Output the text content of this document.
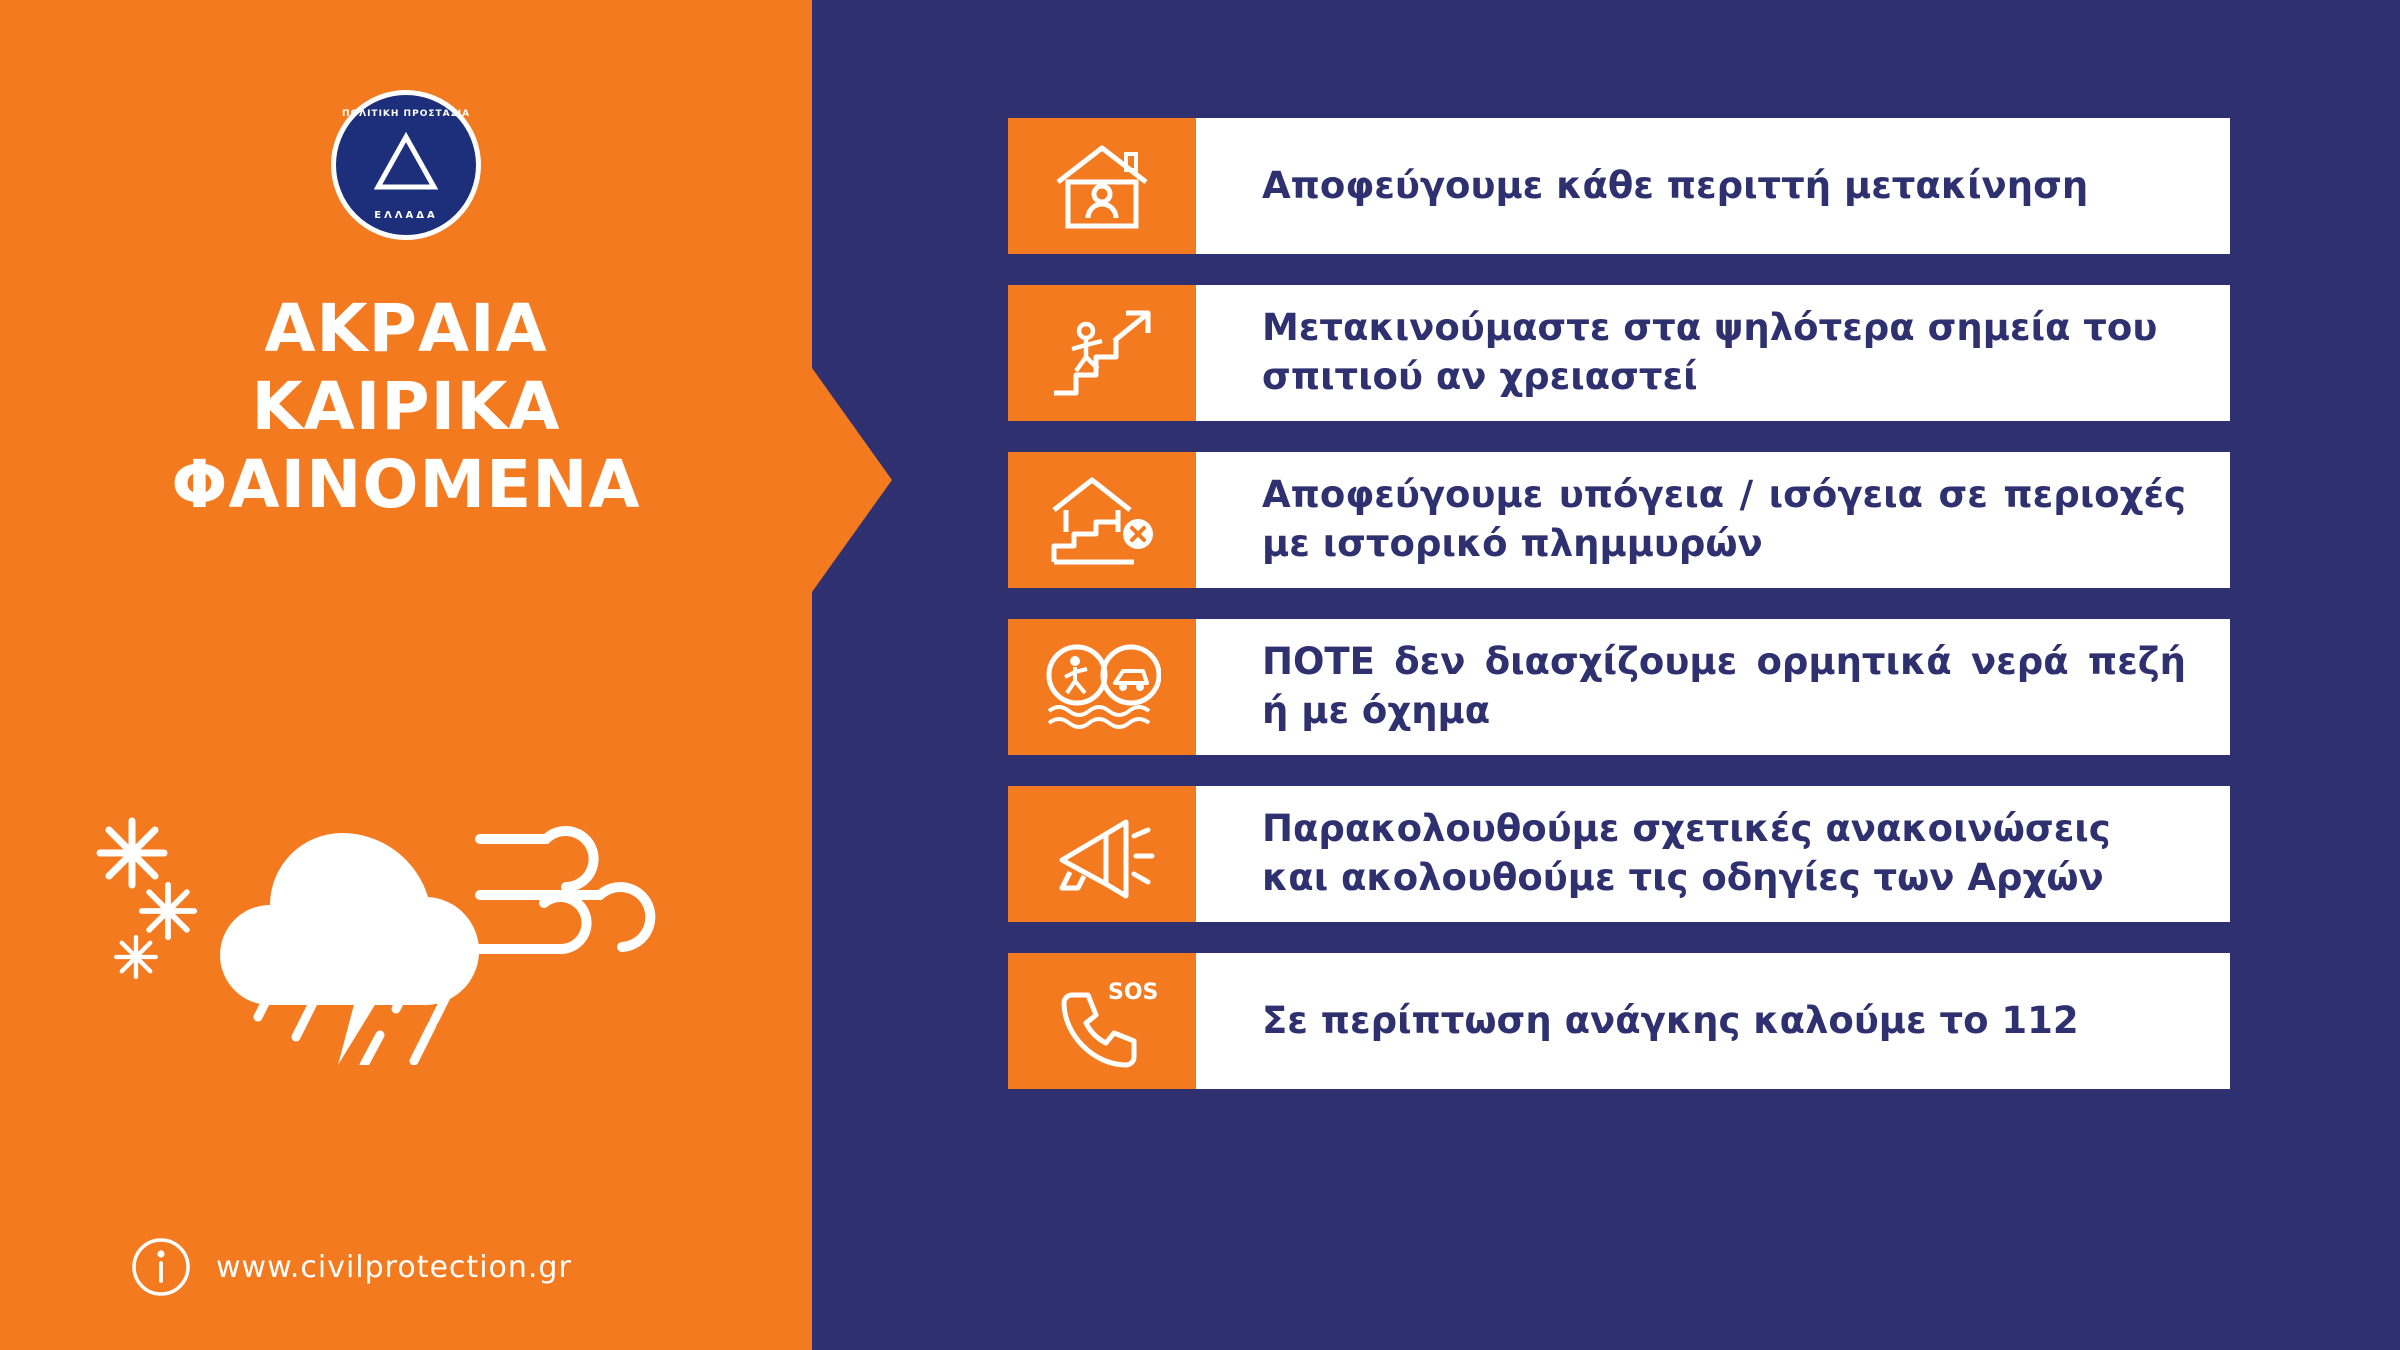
ΠΟΛΙΤΙΚΗ ΠΡΟΣΤΑΣΙΑ
ΕΛΛΑΔΑ
ΑΚΡΑΙΑ
ΚΑΙΡΙΚΑ
ΦΑΙΝΟΜΕΝΑ
www.civilprotection.gr

Αποφεύγουμε κάθε περιττή μετακίνηση

Μετακινούμαστε στα ψηλότερα σημεία του σπιτιού αν χρειαστεί

Αποφεύγουμε υπόγεια / ισόγεια σε περιοχές με ιστορικό πλημμυρών

ΠΟΤΕ δεν διασχίζουμε ορμητικά νερά πεζή ή με όχημα

Παρακολουθούμε σχετικές ανακοινώσεις και ακολουθούμε τις οδηγίες των Αρχών

SOS

Σε περίπτωση ανάγκης καλούμε το 112
